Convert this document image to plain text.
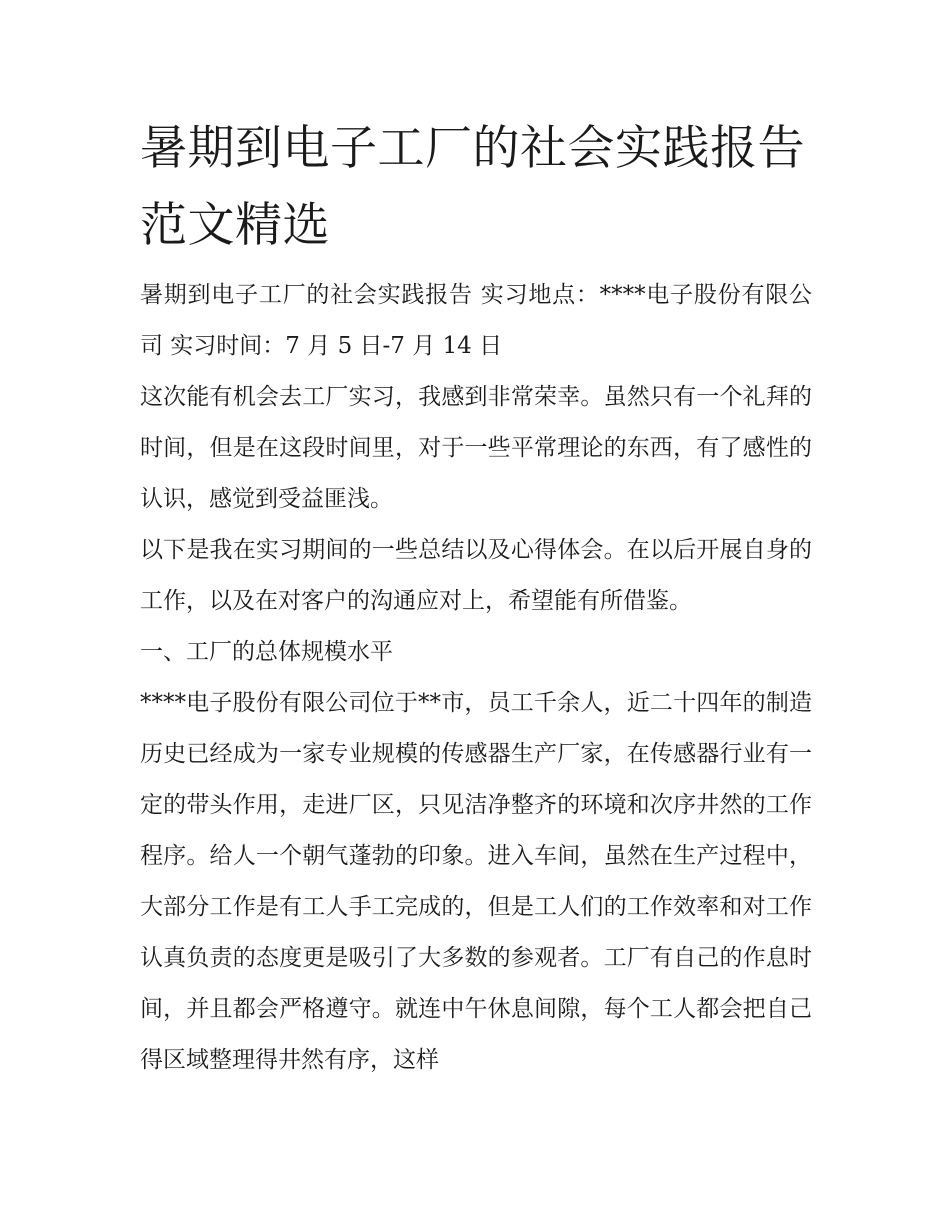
暑期到电子工厂的社会实践报告范文精选

暑期到电子工厂的社会实践报告 实习地点：****电子股份有限公司 实习时间：7 月 5 日-7 月 14 日

这次能有机会去工厂实习，我感到非常荣幸。虽然只有一个礼拜的时间，但是在这段时间里，对于一些平常理论的东西，有了感性的认识，感觉到受益匪浅。

以下是我在实习期间的一些总结以及心得体会。在以后开展自身的工作，以及在对客户的沟通应对上，希望能有所借鉴。

一、工厂的总体规模水平

****电子股份有限公司位于**市，员工千余人，近二十四年的制造历史已经成为一家专业规模的传感器生产厂家，在传感器行业有一定的带头作用，走进厂区，只见洁净整齐的环境和次序井然的工作程序。给人一个朝气蓬勃的印象。进入车间，虽然在生产过程中，大部分工作是有工人手工完成的，但是工人们的工作效率和对工作认真负责的态度更是吸引了大多数的参观者。工厂有自己的作息时间，并且都会严格遵守。就连中午休息间隙，每个工人都会把自己得区域整理得井然有序，这样
